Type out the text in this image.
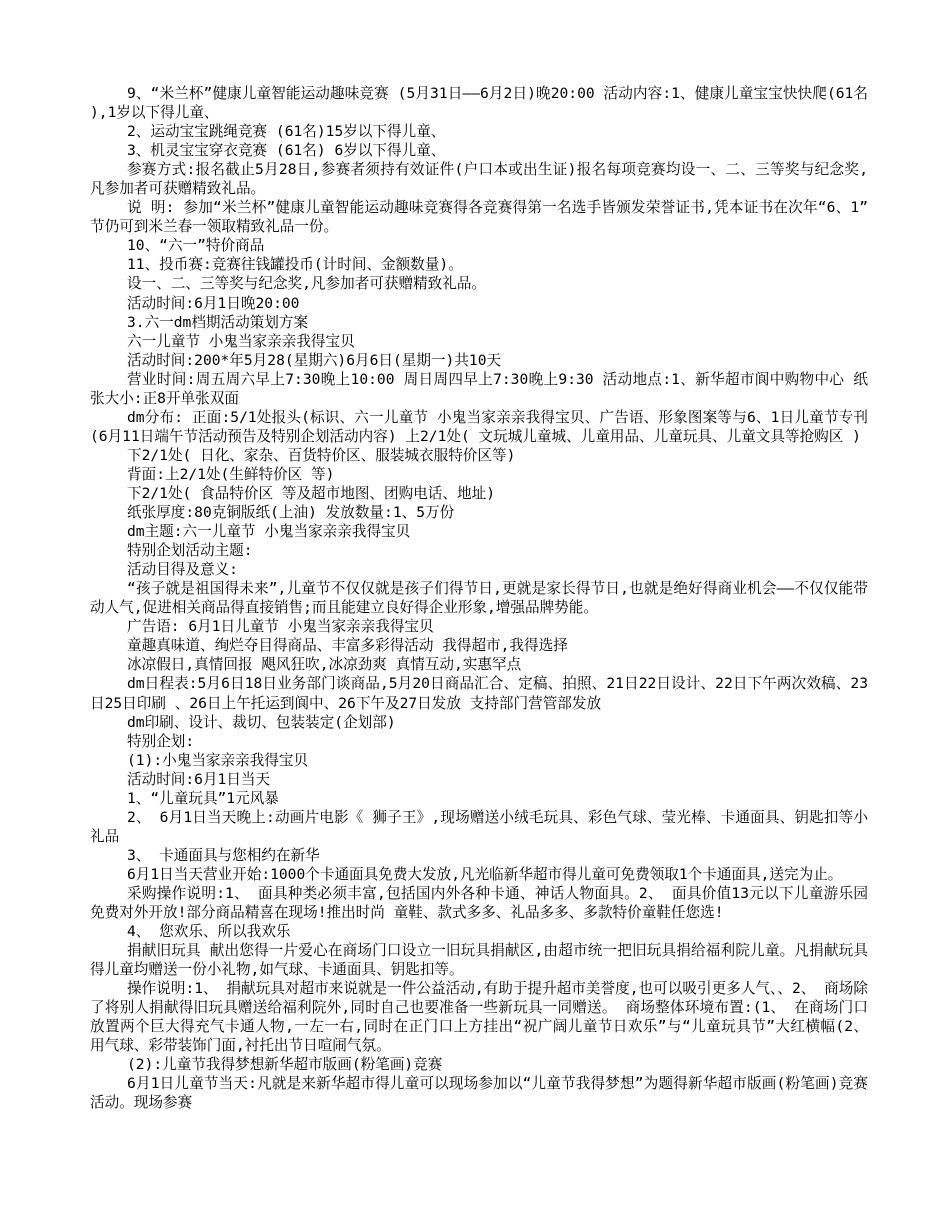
9、“米兰杯”健康儿童智能运动趣味竞赛 (5月31日——6月2日)晚20:00 活动内容:1、健康儿童宝宝快快爬(61名),1岁以下得儿童、

2、运动宝宝跳绳竞赛 (61名)15岁以下得儿童、

3、机灵宝宝穿衣竞赛 (61名) 6岁以下得儿童、

参赛方式:报名截止5月28日,参赛者须持有效证件(户口本或出生证)报名每项竞赛均设一、二、三等奖与纪念奖,凡参加者可获赠精致礼品。

说 明: 参加“米兰杯”健康儿童智能运动趣味竞赛得各竞赛得第一名选手皆颁发荣誉证书,凭本证书在次年“6、1”节仍可到米兰春一领取精致礼品一份。

10、“六一”特价商品

11、投币赛:竞赛往钱罐投币(计时间、金额数量)。

设一、二、三等奖与纪念奖,凡参加者可获赠精致礼品。

活动时间:6月1日晚20:00

3.六一dm档期活动策划方案

六一儿童节 小鬼当家亲亲我得宝贝

活动时间:200*年5月28(星期六)6月6日(星期一)共10天

营业时间:周五周六早上7:30晚上10:00 周日周四早上7:30晚上9:30 活动地点:1、新华超市阆中购物中心 纸张大小:正8开单张双面

dm分布: 正面:5/1处报头(标识、六一儿童节 小鬼当家亲亲我得宝贝、广告语、形象图案等与6、1日儿童节专刊(6月11日端午节活动预告及特别企划活动内容) 上2/1处( 文玩城儿童城、儿童用品、儿童玩具、儿童文具等抢购区 )

下2/1处( 日化、家杂、百货特价区、服装城衣服特价区等)

背面:上2/1处(生鲜特价区 等)

下2/1处( 食品特价区 等及超市地图、团购电话、地址)

纸张厚度:80克铜版纸(上油) 发放数量:1、5万份

dm主题:六一儿童节 小鬼当家亲亲我得宝贝

特别企划活动主题:

活动目得及意义:

“孩子就是祖国得未来”,儿童节不仅仅就是孩子们得节日,更就是家长得节日,也就是绝好得商业机会——不仅仅能带动人气,促进相关商品得直接销售;而且能建立良好得企业形象,增强品牌势能。

广告语: 6月1日儿童节 小鬼当家亲亲我得宝贝

童趣真味道、绚烂夺目得商品、丰富多彩得活动 我得超市,我得选择

冰凉假日,真情回报 飓风狂吹,冰凉劲爽 真情互动,实惠罕点

dm日程表:5月6日18日业务部门谈商品,5月20日商品汇合、定稿、拍照、21日22日设计、22日下午两次效稿、23日25日印刷 、26日上午托运到阆中、26下午及27日发放 支持部门营管部发放

dm印刷、设计、裁切、包装装定(企划部)

特别企划:

(1):小鬼当家亲亲我得宝贝

活动时间:6月1日当天

1、“儿童玩具”1元风暴

2、 6月1日当天晚上:动画片电影《 狮子王》,现场赠送小绒毛玩具、彩色气球、莹光棒、卡通面具、钥匙扣等小礼品

3、 卡通面具与您相约在新华

6月1日当天营业开始:1000个卡通面具免费大发放,凡光临新华超市得儿童可免费领取1个卡通面具,送完为止。

采购操作说明:1、 面具种类必须丰富,包括国内外各种卡通、神话人物面具。2、 面具价值13元以下儿童游乐园免费对外开放!部分商品精喜在现场!推出时尚 童鞋、款式多多、礼品多多、多款特价童鞋任您选!

4、 您欢乐、所以我欢乐

捐献旧玩具 献出您得一片爱心在商场门口设立一旧玩具捐献区,由超市统一把旧玩具捐给福利院儿童。凡捐献玩具得儿童均赠送一份小礼物,如气球、卡通面具、钥匙扣等。

操作说明:1、 捐献玩具对超市来说就是一件公益活动,有助于提升超市美誉度,也可以吸引更多人气、、2、 商场除了将别人捐献得旧玩具赠送给福利院外,同时自己也要准备一些新玩具一同赠送。 商场整体环境布置:(1、 在商场门口放置两个巨大得充气卡通人物,一左一右,同时在正门口上方挂出“祝广阔儿童节日欢乐”与“儿童玩具节”大红横幅(2、 用气球、彩带装饰门面,衬托出节日喧闹气氛。

(2):儿童节我得梦想新华超市版画(粉笔画)竞赛

6月1日儿童节当天:凡就是来新华超市得儿童可以现场参加以“儿童节我得梦想”为题得新华超市版画(粉笔画)竞赛活动。现场参赛
